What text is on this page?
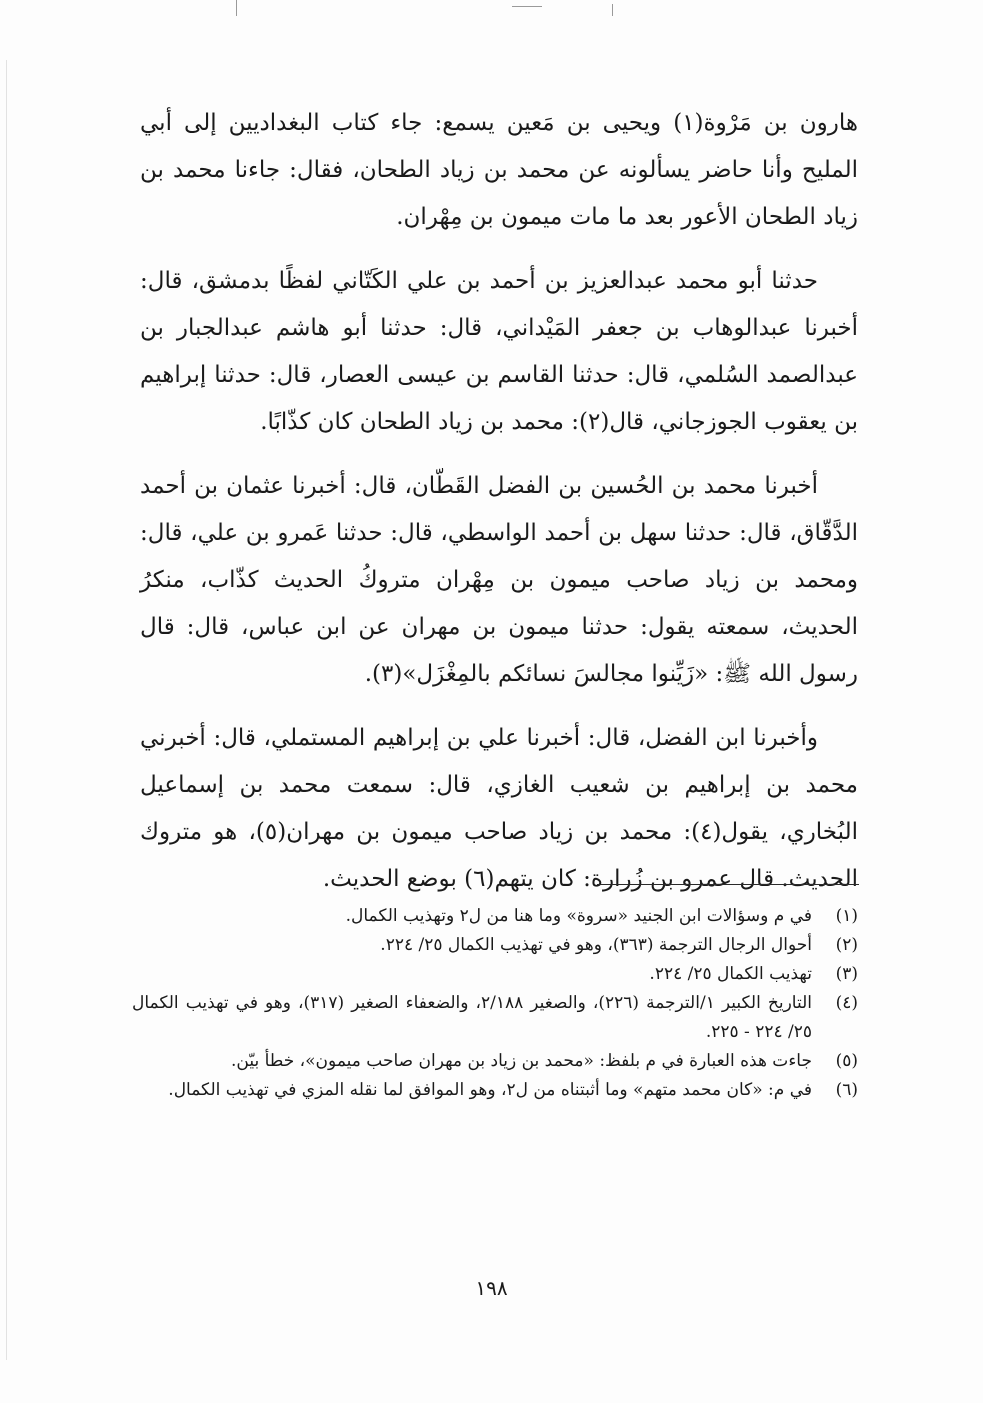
هارون بن مَرْوة(١) ويحيى بن مَعين يسمع: جاء كتاب البغداديين إلى أبي المليح وأنا حاضر يسألونه عن محمد بن زياد الطحان، فقال: جاءنا محمد بن زياد الطحان الأعور بعد ما مات ميمون بن مِهْران.

حدثنا أبو محمد عبدالعزيز بن أحمد بن علي الكَتّاني لفظًا بدمشق، قال: أخبرنا عبدالوهاب بن جعفر المَيْداني، قال: حدثنا أبو هاشم عبدالجبار بن عبدالصمد السُلمي، قال: حدثنا القاسم بن عيسى العصار، قال: حدثنا إبراهيم بن يعقوب الجوزجاني، قال(٢): محمد بن زياد الطحان كان كذّابًا.

أخبرنا محمد بن الحُسين بن الفضل القَطّان، قال: أخبرنا عثمان بن أحمد الدَّقّاق، قال: حدثنا سهل بن أحمد الواسطي، قال: حدثنا عَمرو بن علي، قال: ومحمد بن زياد صاحب ميمون بن مِهْران متروكُ الحديث كذّاب، منكرُ الحديث، سمعته يقول: حدثنا ميمون بن مهران عن ابن عباس، قال: قال رسول الله ﷺ: «زَيِّنوا مجالسَ نسائكم بالمِغْزَل»(٣).

وأخبرنا ابن الفضل، قال: أخبرنا علي بن إبراهيم المستملي، قال: أخبرني محمد بن إبراهيم بن شعيب الغازي، قال: سمعت محمد بن إسماعيل البُخاري، يقول(٤): محمد بن زياد صاحب ميمون بن مهران(٥)، هو متروك الحديث. قال عمرو بن زُرارة: كان يتهم(٦) بوضع الحديث.

(١)
في م وسؤالات ابن الجنيد «سروة» وما هنا من ل٢ وتهذيب الكمال.
(٢)
أحوال الرجال الترجمة (٣٦٣)، وهو في تهذيب الكمال ٢٥/ ٢٢٤.
(٣)
تهذيب الكمال ٢٥/ ٢٢٤.
(٤)
التاريخ الكبير ١/الترجمة (٢٢٦)، والصغير ٢/١٨٨، والضعفاء الصغير (٣١٧)، وهو في تهذيب الكمال ٢٥/ ٢٢٤ - ٢٢٥.
(٥)
جاءت هذه العبارة في م بلفظ: «محمد بن زياد بن مهران صاحب ميمون»، خطأ بيّن.
(٦)
في م: «كان محمد متهم» وما أثبتناه من ل٢، وهو الموافق لما نقله المزي في تهذيب الكمال.
١٩٨
